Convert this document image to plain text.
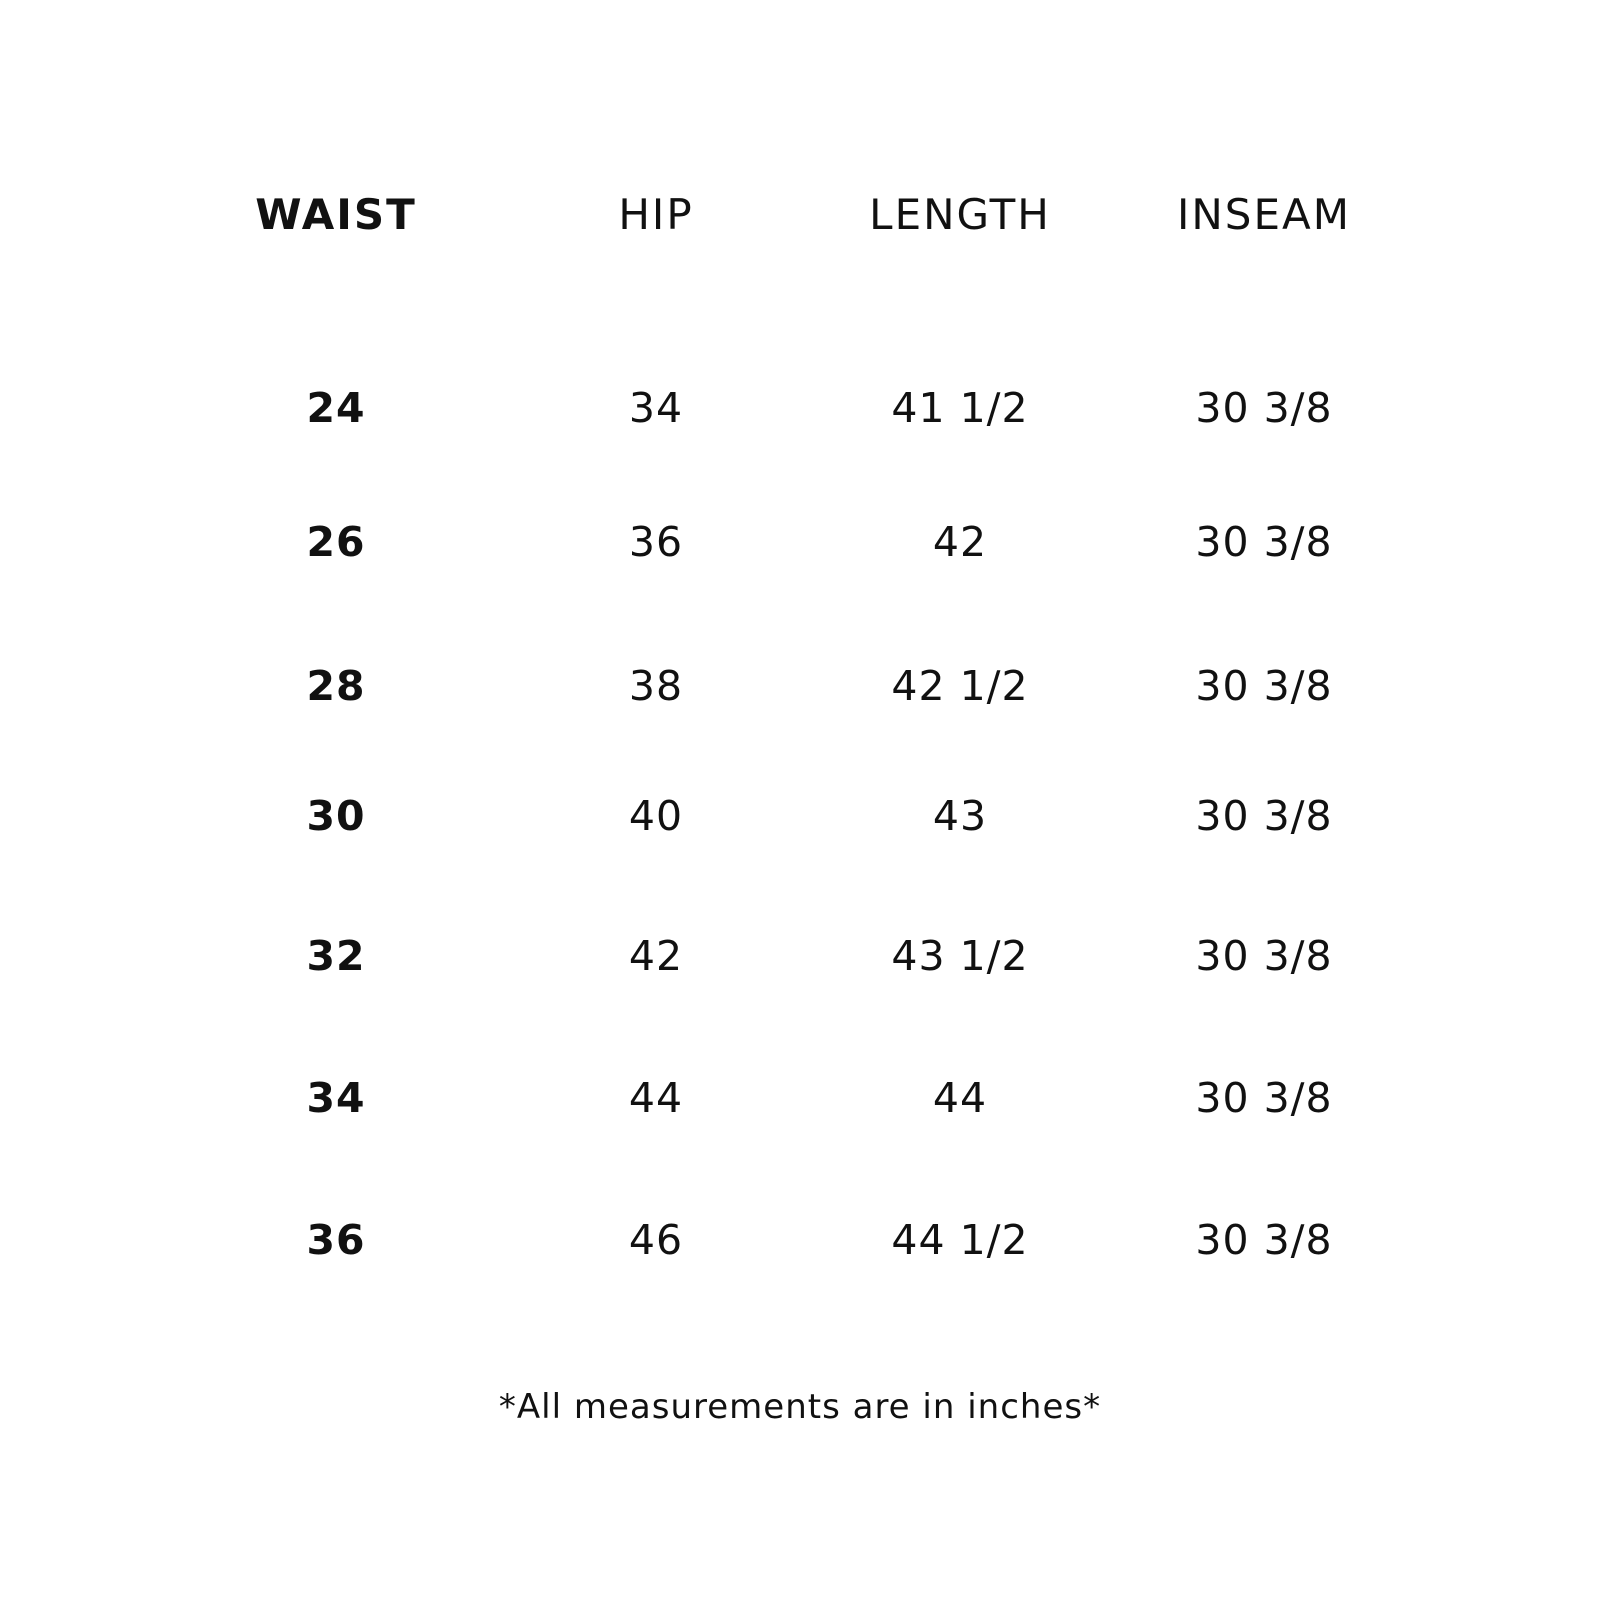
WAIST	HIP	LENGTH	INSEAM
24	34	41 1/2	30 3/8
26	36	42	30 3/8
28	38	42 1/2	30 3/8
30	40	43	30 3/8
32	42	43 1/2	30 3/8
34	44	44	30 3/8
36	46	44 1/2	30 3/8
*All measurements are in inches*
